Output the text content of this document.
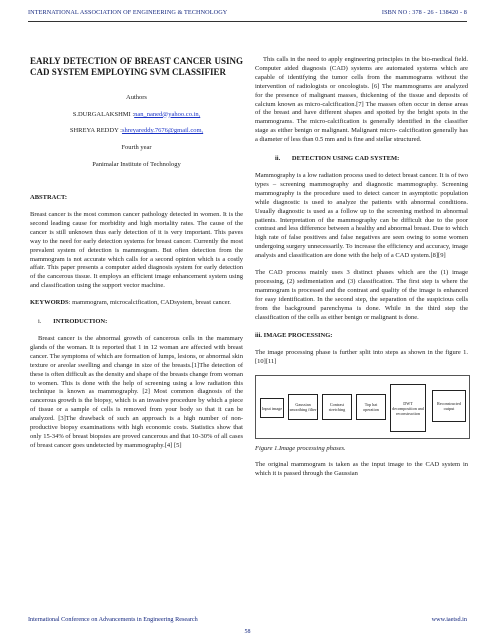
INTERNATIONAL ASSOCIATION OF ENGINEERING & TECHNOLOGY	ISBN NO : 378 - 26 - 138420 - 8
EARLY DETECTION OF BREAST CANCER USING CAD SYSTEM EMPLOYING SVM CLASSIFIER
Authors
S.DURGALAKSHMI :nan_naned@yahoo.co.in,
SHREYA REDDY :shreyareddy.7676@gmail.com,
Fourth year
Panimalar Institute of Technology
ABSTRACT:

Breast cancer is the most common cancer pathology detected in women. It is the second leading cause for morbidity and high mortality rates. The cause of the cancer is still unknown thus early detection of it is very important. This paves way to the need for early detection systems for breast cancer. Currently the most prevalent system of detection is mammogram. But often detection from the mammogram is not accurate which calls for a second opinion which is a costly affair. This paper presents a computer aided diagnosis system for early detection of the cancerous tissue. It employs an efficient image enhancement system using and classification using the support vector machine.

KEYWORDS: mammogram, microcalcification, CADsystem, breast cancer.

i. INTRODUCTION:

Breast cancer is the abnormal growth of cancerous cells in the mammary glands of the woman. It is reported that 1 in 12 woman are affected with breast cancer. The symptoms of which are formation of lumps, lesions, or abnormal skin texture or areolar swelling and change in size of the breasts.[1]The detection of these is often difficult as the density and shape of the breasts change from woman to women. This is done with the help of screening using a low radiation this technique is known as mammography. [2] Most common diagnosis of the cancerous growth is the biopsy, which is an invasive procedure by which a piece of tissue or a sample of cells is removed from your body so that it can be analyzed. [3]The drawback of such an approach is a high number of non-productive biopsy examinations with high economic costs. Statistics show that only 15-34% of breast biopsies are proved cancerous and that 10-30% of all cases of breast cancer goes undetected by mammography.[4] [5]

This calls in the need to apply engineering principles in the bio-medical field. Computer aided diagnosis (CAD) systems are automated systems which are capable of identifying the tumor cells from the mammograms without the intervention of radiologists or oncologists. [6] The mammograms are analyzed for the presence of malignant masses, thickening of the tissue and deposits of calcium known as micro-calcification.[7] The masses often occur in dense areas of the breast and have different shapes and spotted by the bright spots in the mammograms. The micro-calcification is generally identified in the classifier stage as either benign or malignant. Malignant micro- calcification generally has a diameter of less than 0.5 mm and is fine and stellar structured.

ii. DETECTION USING CAD SYSTEM:

Mammography is a low radiation process used to detect breast cancer. It is of two types – screening mammography and diagnostic mammography. Screening mammography is the procedure used to detect cancer in asymptotic population while diagnostic is used to analyze the patients with abnormal conditions. Usually diagnostic is used as a follow up to the screening method in abnormal patients. Interpretation of the mammography can be difficult due to the poor contrast and less difference between a healthy and abnormal breast. Due to which high rate of false positives and false negatives are seen owing to some women undergoing surgery unnecessarily. To increase the efficiency and accuracy, image analysis and classification are done with the help of a CAD system.[8][9]

The CAD process mainly uses 3 distinct phases which are the (1) image processing, (2) sedimentation and (3) classification. The first step is where the mammogram is processed and the contrast and quality of the image is enhanced for easy identification. In the second step, the separation of the suspicious cells from the background parenchyma is done. While in the third step the classification of the cells as either benign or malignant is done.

iii. IMAGE PROCESSING:

The image processing phase is further split into steps as shown in the figure 1. [10][11]

Input image
Gaussian smoothing filter
Contrast stretching
Top hat operation
DWT decomposition and reconstruction
Reconstructed output
Figure 1.Image processing phases.

The original mammogram is taken as the input image to the CAD system in which it is passed through the Gaussian

International Conference on Advancements in Engineering Research	www.iaetsd.in
58
